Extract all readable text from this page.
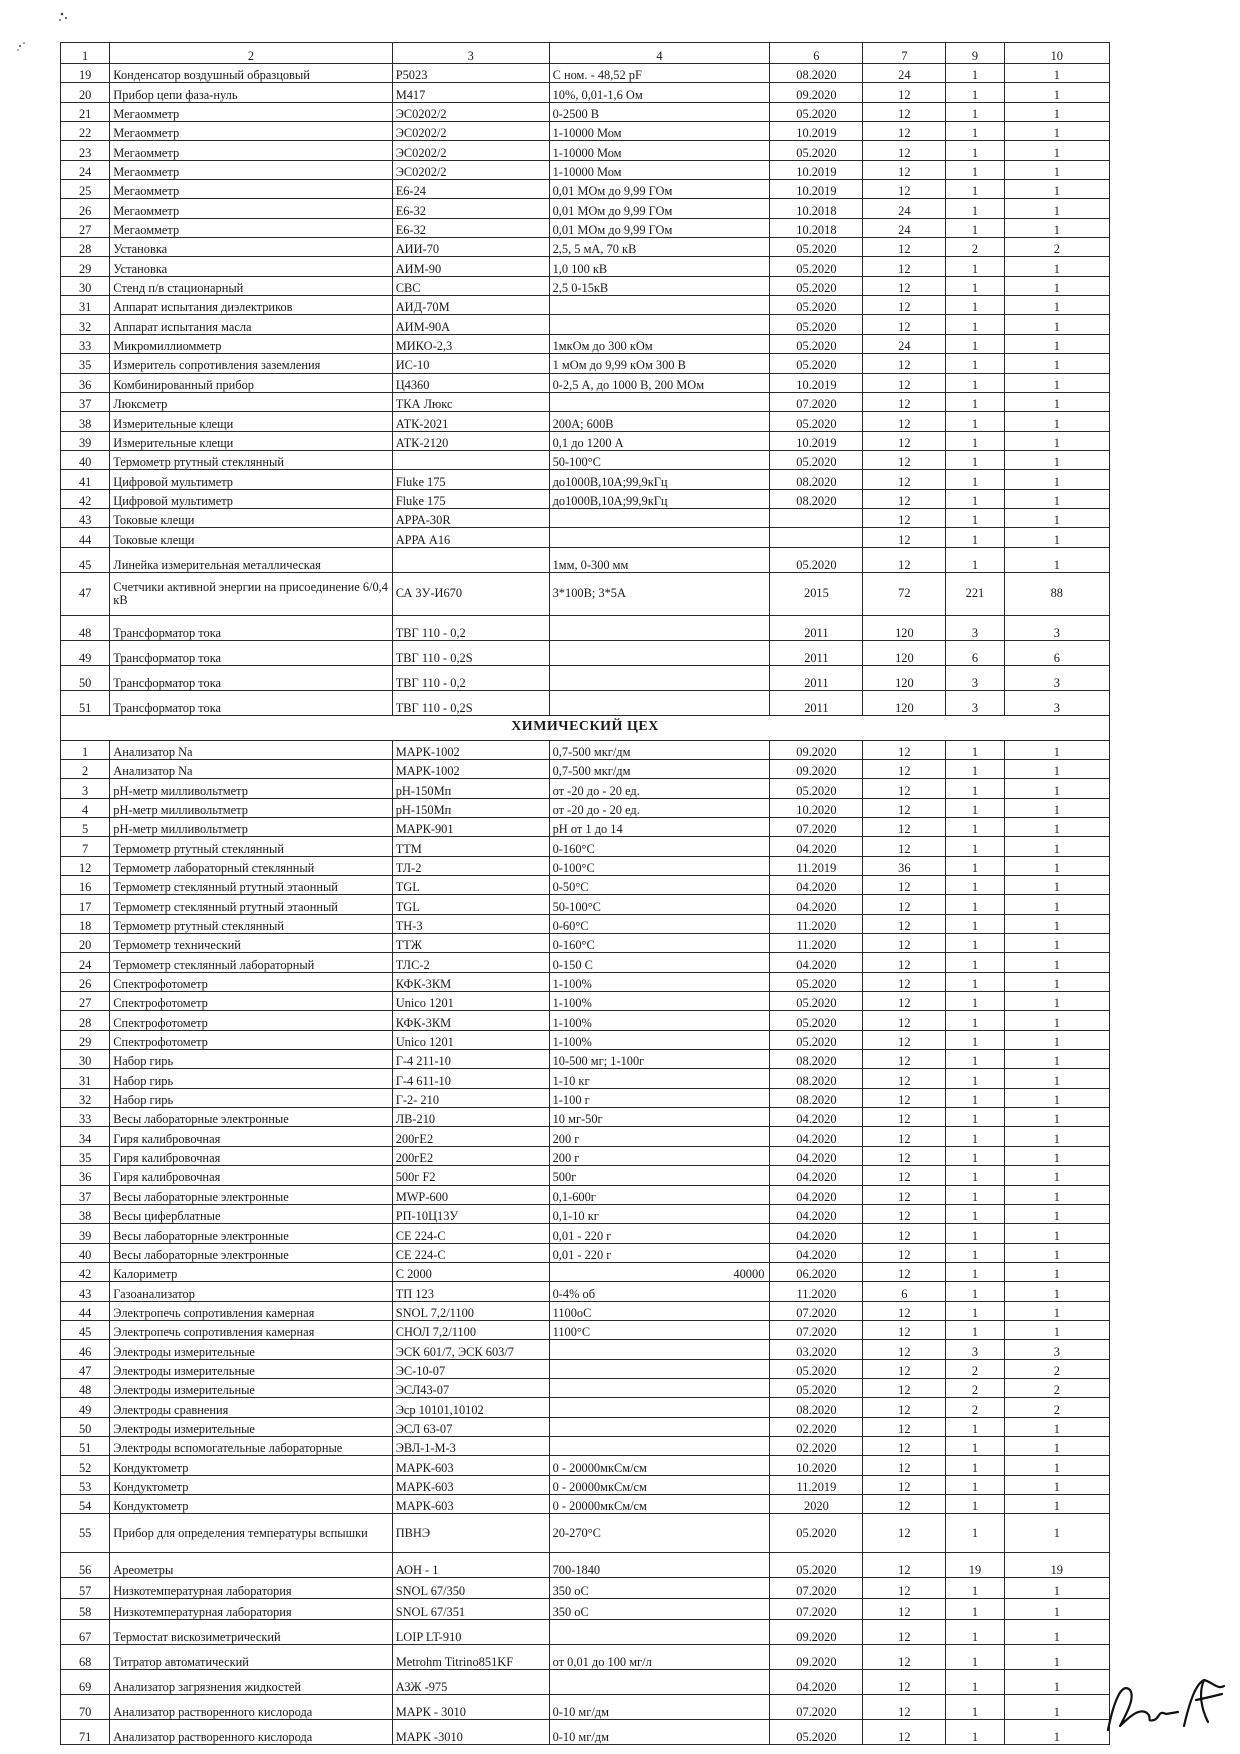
1	2	3	4	6	7	9	10
19	Конденсатор воздушный образцовый	Р5023	С ном. - 48,52 pF	08.2020	24	1	1
20	Прибор цепи фаза-нуль	М417	10%, 0,01-1,6 Ом	09.2020	12	1	1
21	Мегаомметр	ЭС0202/2	0-2500 В	05.2020	12	1	1
22	Мегаомметр	ЭС0202/2	1-10000 Мом	10.2019	12	1	1
23	Мегаомметр	ЭС0202/2	1-10000 Мом	05.2020	12	1	1
24	Мегаомметр	ЭС0202/2	1-10000 Мом	10.2019	12	1	1
25	Мегаомметр	Е6-24	0,01 МОм до 9,99 ГОм	10.2019	12	1	1
26	Мегаомметр	Е6-32	0,01 МОм до 9,99 ГОм	10.2018	24	1	1
27	Мегаомметр	Е6-32	0,01 МОм до 9,99 ГОм	10.2018	24	1	1
28	Установка	АИИ-70	2,5, 5 мА, 70 кВ	05.2020	12	2	2
29	Установка	АИМ-90	1,0 100 кВ	05.2020	12	1	1
30	Стенд п/в стационарный	СВС	2,5 0-15кВ	05.2020	12	1	1
31	Аппарат испытания диэлектриков	АИД-70М		05.2020	12	1	1
32	Аппарат испытания масла	АИМ-90А		05.2020	12	1	1
33	Микромиллиомметр	МИКО-2,3	1мкОм до 300 кОм	05.2020	24	1	1
35	Измеритель сопротивления заземления	ИС-10	1 мОм до 9,99 кОм 300 В	05.2020	12	1	1
36	Комбинированный прибор	Ц4360	0-2,5 А, до 1000 В, 200 МОм	10.2019	12	1	1
37	Люксметр	ТКА Люкс		07.2020	12	1	1
38	Измерительные клещи	АТК-2021	200А; 600В	05.2020	12	1	1
39	Измерительные клещи	АТК-2120	0,1 до 1200 А	10.2019	12	1	1
40	Термометр ртутный стеклянный		50-100°С	05.2020	12	1	1
41	Цифровой мультиметр	Fluke 175	до1000В,10А;99,9кГц	08.2020	12	1	1
42	Цифровой мультиметр	Fluke 175	до1000В,10А;99,9кГц	08.2020	12	1	1
43	Токовые клещи	АРРА-30R			12	1	1
44	Токовые клещи	АРРА А16			12	1	1
45	Линейка измерительная металлическая		1мм, 0-300 мм	05.2020	12	1	1
47	Счетчики активной энергии на присоединение 6/0,4 кВ	СА 3У-И670	3*100В; 3*5А	2015	72	221	88
48	Трансформатор тока	ТВГ 110 - 0,2		2011	120	3	3
49	Трансформатор тока	ТВГ 110 - 0,2S		2011	120	6	6
50	Трансформатор тока	ТВГ 110 - 0,2		2011	120	3	3
51	Трансформатор тока	ТВГ 110 - 0,2S		2011	120	3	3
ХИМИЧЕСКИЙ ЦЕХ							
1	Анализатор Na	МАРК-1002	0,7-500 мкг/дм	09.2020	12	1	1
2	Анализатор Na	МАРК-1002	0,7-500 мкг/дм	09.2020	12	1	1
3	рН-метр милливольтметр	рН-150Мп	от -20 до - 20 ед.	05.2020	12	1	1
4	рН-метр милливольтметр	рН-150Мп	от -20 до - 20 ед.	10.2020	12	1	1
5	рН-метр милливольтметр	МАРК-901	рН от 1 до 14	07.2020	12	1	1
7	Термометр ртутный стеклянный	ТТМ	0-160°С	04.2020	12	1	1
12	Термометр лабораторный стеклянный	ТЛ-2	0-100°С	11.2019	36	1	1
16	Термометр стеклянный ртутный этаонный	TGL	0-50°С	04.2020	12	1	1
17	Термометр стеклянный ртутный этаонный	TGL	50-100°С	04.2020	12	1	1
18	Термометр ртутный стеклянный	ТН-3	0-60°С	11.2020	12	1	1
20	Термометр технический	ТТЖ	0-160°С	11.2020	12	1	1
24	Термометр стеклянный лабораторный	ТЛС-2	0-150 С	04.2020	12	1	1
26	Спектрофотометр	КФК-3КМ	1-100%	05.2020	12	1	1
27	Спектрофотометр	Unico 1201	1-100%	05.2020	12	1	1
28	Спектрофотометр	КФК-3КМ	1-100%	05.2020	12	1	1
29	Спектрофотометр	Unico 1201	1-100%	05.2020	12	1	1
30	Набор гирь	Г-4 211-10	10-500 мг; 1-100г	08.2020	12	1	1
31	Набор гирь	Г-4 611-10	1-10 кг	08.2020	12	1	1
32	Набор гирь	Г-2- 210	1-100 г	08.2020	12	1	1
33	Весы лабораторные электронные	ЛВ-210	10 мг-50г	04.2020	12	1	1
34	Гиря калибровочная	200гЕ2	200 г	04.2020	12	1	1
35	Гиря калибровочная	200гЕ2	200 г	04.2020	12	1	1
36	Гиря калибровочная	500г F2	500г	04.2020	12	1	1
37	Весы лабораторные электронные	MWP-600	0,1-600г	04.2020	12	1	1
38	Весы циферблатные	РП-10Ц13У	0,1-10 кг	04.2020	12	1	1
39	Весы лабораторные электронные	CE 224-C	0,01 - 220 г	04.2020	12	1	1
40	Весы лабораторные электронные	CE 224-C	0,01 - 220 г	04.2020	12	1	1
42	Калориметр	C 2000	40000	06.2020	12	1	1
43	Газоанализатор	ТП 123	0-4% об	11.2020	6	1	1
44	Электропечь сопротивления камерная	SNOL 7,2/1100	1100оС	07.2020	12	1	1
45	Электропечь сопротивления камерная	СНОЛ 7,2/1100	1100°С	07.2020	12	1	1
46	Электроды измерительные	ЭСК 601/7, ЭСК 603/7		03.2020	12	3	3
47	Электроды измерительные	ЭС-10-07		05.2020	12	2	2
48	Электроды измерительные	ЭСЛ43-07		05.2020	12	2	2
49	Электроды сравнения	Эср 10101,10102		08.2020	12	2	2
50	Электроды измерительные	ЭСЛ 63-07		02.2020	12	1	1
51	Электроды вспомогательные лабораторные	ЭВЛ-1-М-3		02.2020	12	1	1
52	Кондуктометр	МАРК-603	0 - 20000мкСм/см	10.2020	12	1	1
53	Кондуктометр	МАРК-603	0 - 20000мкСм/см	11.2019	12	1	1
54	Кондуктометр	МАРК-603	0 - 20000мкСм/см	2020	12	1	1
55	Прибор для определения температуры вспышки	ПВНЭ	20-270°С	05.2020	12	1	1
56	Ареометры	АОН - 1	700-1840	05.2020	12	19	19
57	Низкотемпературная лаборатория	SNOL 67/350	350 оС	07.2020	12	1	1
58	Низкотемпературная лаборатория	SNOL 67/351	350 оС	07.2020	12	1	1
67	Термостат вискозиметрический	LOIP LT-910		09.2020	12	1	1
68	Титратор автоматический	Metrohm Titrino851KF	от 0,01 до 100 мг/л	09.2020	12	1	1
69	Анализатор загрязнения жидкостей	АЗЖ -975		04.2020	12	1	1
70	Анализатор растворенного кислорода	МАРК - 3010	0-10 мг/дм	07.2020	12	1	1
71	Анализатор растворенного кислорода	МАРК -3010	0-10 мг/дм	05.2020	12	1	1
